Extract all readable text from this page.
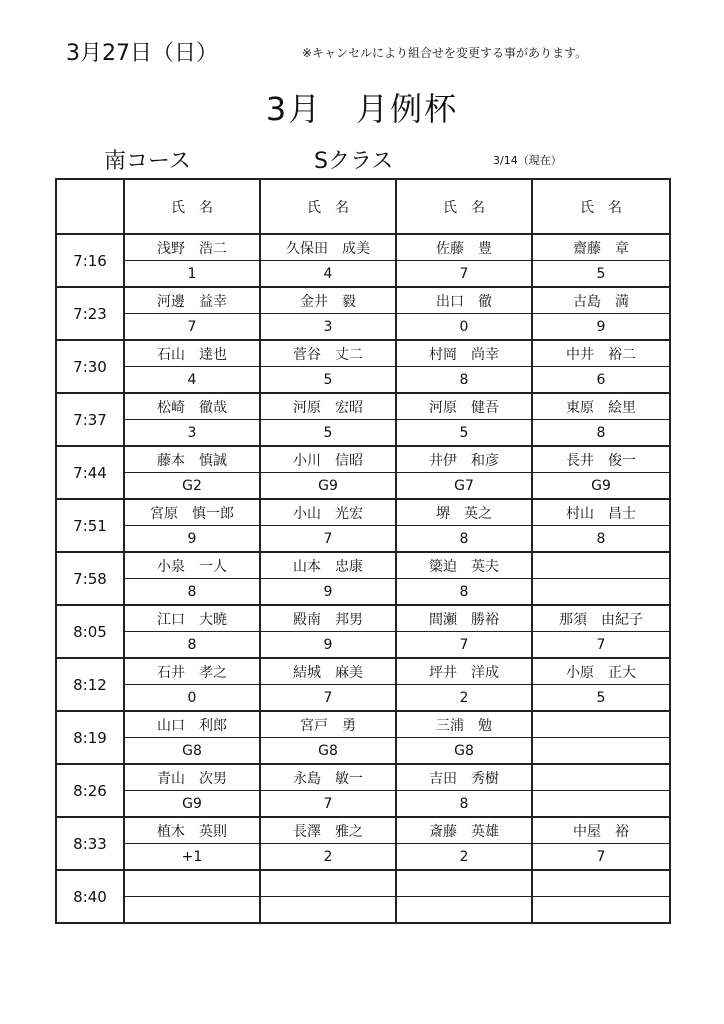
3月27日（日）	※キャンセルにより組合せを変更する事があります。
3月　月例杯
南コース	Sクラス	3/14（現在）
	氏　名	氏　名	氏　名	氏　名
7:16	浅野　浩二	久保田　成美	佐藤　豊	齋藤　章
	1	4	7	5
7:23	河邊　益幸	金井　毅	出口　徹	古島　満
	7	3	0	9
7:30	石山　達也	菅谷　丈二	村岡　尚幸	中井　裕二
	4	5	8	6
7:37	松崎　徹哉	河原　宏昭	河原　健吾	東原　絵里
	3	5	5	8
7:44	藤本　慎誠	小川　信昭	井伊　和彦	長井　俊一
	G2	G9	G7	G9
7:51	宮原　慎一郎	小山　光宏	堺　英之	村山　昌士
	9	7	8	8
7:58	小泉　一人	山本　忠康	簗迫　英夫	
	8	9	8	
8:05	江口　大暁	殿南　邦男	間瀬　勝裕	那須　由紀子
	8	9	7	7
8:12	石井　孝之	結城　麻美	坪井　洋成	小原　正大
	0	7	2	5
8:19	山口　利郎	宮戸　勇	三浦　勉	
	G8	G8	G8	
8:26	青山　次男	永島　敏一	吉田　秀樹	
	G9	7	8	
8:33	植木　英則	長澤　雅之	斎藤　英雄	中屋　裕
	+1	2	2	7
8:40				
